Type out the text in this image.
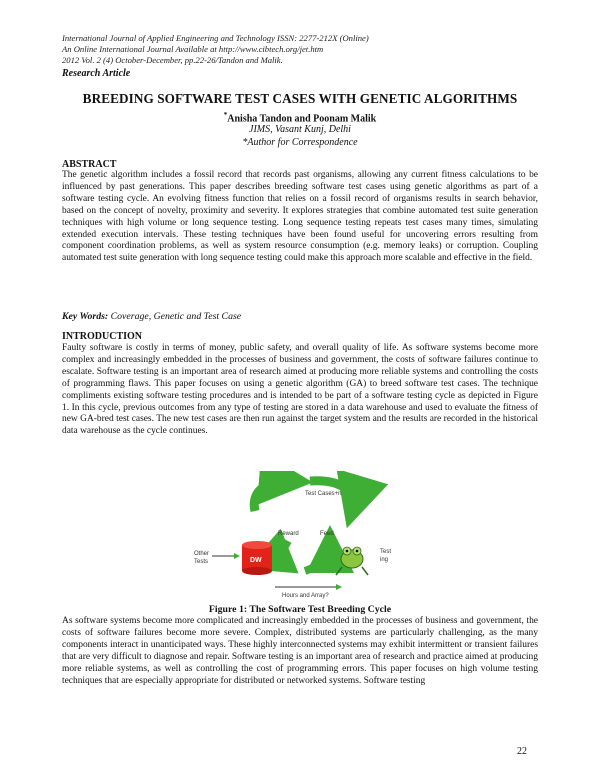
International Journal of Applied Engineering and Technology ISSN: 2277-212X (Online)
An Online International Journal Available at http://www.cibtech.org/jet.htm
2012 Vol. 2 (4) October-December, pp.22-26/Tandon and Malik.
Research Article
BREEDING SOFTWARE TEST CASES WITH GENETIC ALGORITHMS
*Anisha Tandon and Poonam Malik
JIMS, Vasant Kunj, Delhi
*Author for Correspondence
ABSTRACT
The genetic algorithm includes a fossil record that records past organisms, allowing any current fitness calculations to be influenced by past generations. This paper describes breeding software test cases using genetic algorithms as part of a software testing cycle. An evolving fitness function that relies on a fossil record of organisms results in search behavior, based on the concept of novelty, proximity and severity. It explores strategies that combine automated test suite generation techniques with high volume or long sequence testing. Long sequence testing repeats test cases many times, simulating extended execution intervals. These testing techniques have been found useful for uncovering errors resulting from component coordination problems, as well as system resource consumption (e.g. memory leaks) or corruption. Coupling automated test suite generation with long sequence testing could make this approach more scalable and effective in the field.
Key Words: Coverage, Genetic and Test Case
INTRODUCTION
Faulty software is costly in terms of money, public safety, and overall quality of life. As software systems become more complex and increasingly embedded in the processes of business and government, the costs of software failures continue to escalate. Software testing is an important area of research aimed at producing more reliable systems and controlling the costs of programming flaws. This paper focuses on using a genetic algorithm (GA) to breed software test cases. The technique compliments existing software testing procedures and is intended to be part of a software testing cycle as depicted in Figure 1. In this cycle, previous outcomes from any type of testing are stored in a data warehouse and used to evaluate the fitness of new GA-bred test cases. The new test cases are then run against the target system and the results are recorded in the historical data warehouse as the cycle continues.
Test Cases+n
Reward	Feed
DW
Other
Tests
Test
ing
Hours and Array?
Figure 1: The Software Test Breeding Cycle
As software systems become more complicated and increasingly embedded in the processes of business and government, the costs of software failures become more severe. Complex, distributed systems are particularly challenging, as the many components interact in unanticipated ways. These highly interconnected systems may exhibit intermittent or transient failures that are very difficult to diagnose and repair. Software testing is an important area of research and practice aimed at producing more reliable systems, as well as controlling the cost of programming errors. This paper focuses on high volume testing techniques that are especially appropriate for distributed or networked systems. Software testing
22
